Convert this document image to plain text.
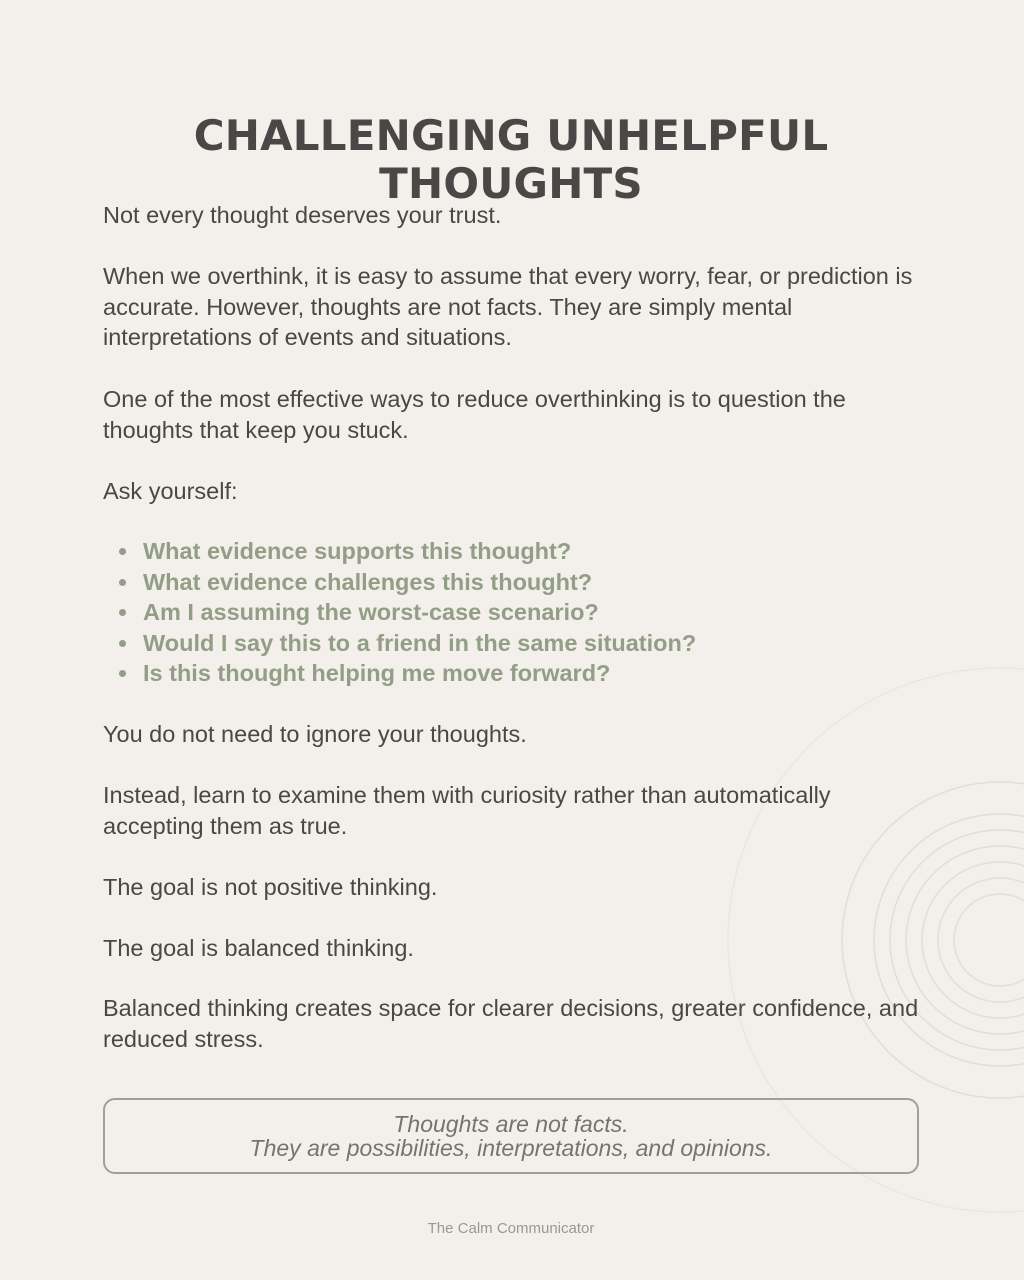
CHALLENGING UNHELPFUL THOUGHTS

Not every thought deserves your trust.

When we overthink, it is easy to assume that every worry, fear, or prediction is accurate. However, thoughts are not facts. They are simply mental interpretations of events and situations.

One of the most effective ways to reduce overthinking is to question the thoughts that keep you stuck.

Ask yourself:

What evidence supports this thought?
What evidence challenges this thought?
Am I assuming the worst-case scenario?
Would I say this to a friend in the same situation?
Is this thought helping me move forward?

You do not need to ignore your thoughts.

Instead, learn to examine them with curiosity rather than automatically accepting them as true.

The goal is not positive thinking.

The goal is balanced thinking.

Balanced thinking creates space for clearer decisions, greater confidence, and reduced stress.

Thoughts are not facts.
They are possibilities, interpretations, and opinions.
The Calm Communicator
